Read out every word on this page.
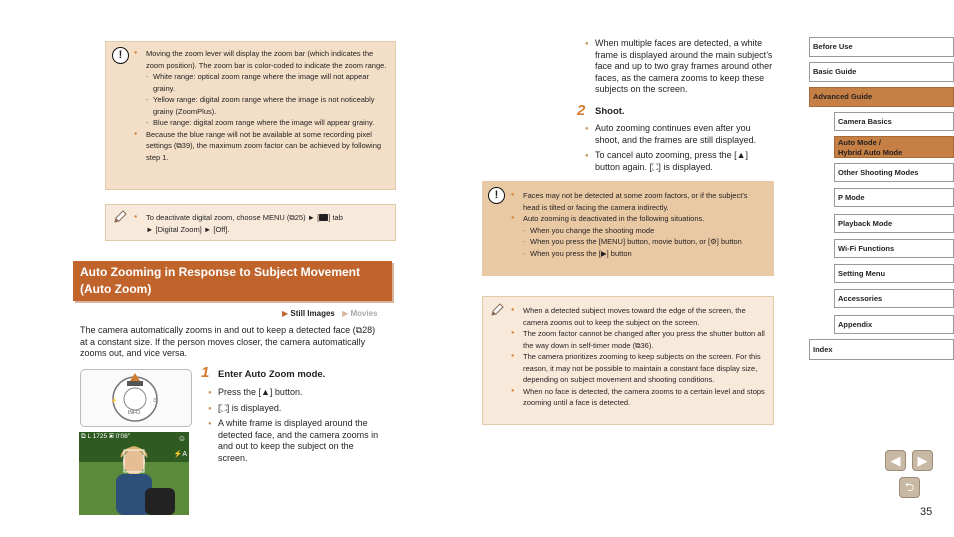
!	● Moving the zoom lever will display the zoom bar (which indicates the zoom position). The zoom bar is color-coded to indicate the zoom range.
- White range: optical zoom range where the image will not appear grainy.
- Yellow range: digital zoom range where the image is not noticeably grainy (ZoomPlus).
- Blue range: digital zoom range where the image will appear grainy.
● Because the blue range will not be available at some recording pixel settings (⧉39), the maximum zoom factor can be achieved by following step 1.
● To deactivate digital zoom, choose MENU (⧉25) ► [ ] tab
► [Digital Zoom] ► [Off].
Auto Zooming in Response to Subject Movement
(Auto Zoom)
▶ Still Images ▶ Movies
The camera automatically zooms in and out to keep a detected face (⧉28) at a constant size. If the person moves closer, the camera automatically zooms out, and vice versa.
⚡	⏱
INFO.
⧉ L 1725 ▣ 0'08"	☺
⚡A
1 Enter Auto Zoom mode.
● Press the [▲] button.
● [⛶] is displayed.
● A white frame is displayed around the detected face, and the camera zooms in and out to keep the subject on the screen.
● When multiple faces are detected, a white frame is displayed around the main subject’s face and up to two gray frames around other faces, as the camera zooms to keep these subjects on the screen.
2 Shoot.
● Auto zooming continues even after you shoot, and the frames are still displayed.
● To cancel auto zooming, press the [▲] button again. [⛶] is displayed.
!	● Faces may not be detected at some zoom factors, or if the subject’s head is tilted or facing the camera indirectly.
● Auto zooming is deactivated in the following situations.
- When you change the shooting mode
- When you press the [MENU] button, movie button, or [⚙] button
- When you press the [▶] button
● When a detected subject moves toward the edge of the screen, the camera zooms out to keep the subject on the screen.
● The zoom factor cannot be changed after you press the shutter button all the way down in self-timer mode (⧉36).
● The camera prioritizes zooming to keep subjects on the screen. For this reason, it may not be possible to maintain a constant face display size, depending on subject movement and shooting conditions.
● When no face is detected, the camera zooms to a certain level and stops zooming until a face is detected.
Before Use
Basic Guide
Advanced Guide
Camera Basics
Auto Mode /
Hybrid Auto Mode
Other Shooting Modes
P Mode
Playback Mode
Wi-Fi Functions
Setting Menu
Accessories
Appendix
Index
◀	▶
⮌
35
